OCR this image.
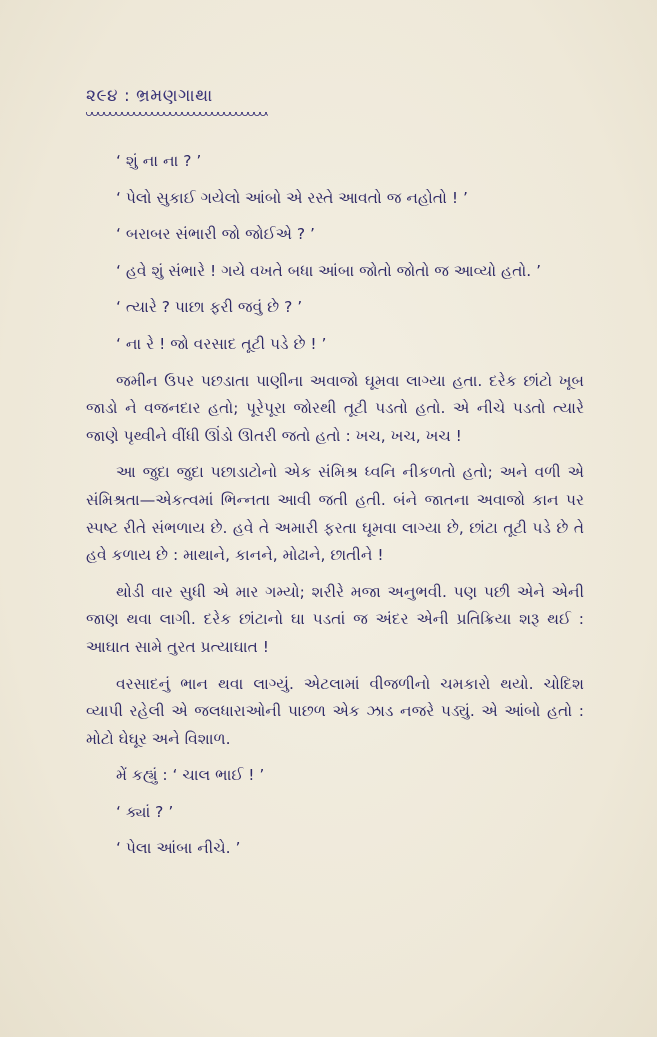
૨૯૪ : ભ્રમણગાથા

‘ શું ના ના ? ’

‘ પેલો સુકાઈ ગયેલો આંબો એ રસ્તે આવતો જ નહોતો ! ’

‘ બરાબર સંભારી જો જોઈએ ? ’

‘ હવે શું સંભારે ! ગયે વખતે બધા આંબા જોતો જોતો જ આવ્યો હતો. ’

‘ ત્યારે ? પાછા ફરી જવું છે ? ’

‘ ના રે ! જો વરસાદ તૂટી પડે છે ! ’

જમીન ઉપર પછડાતા પાણીના અવાજો ઘૂમવા લાગ્યા હતા. દરેક છાંટો ખૂબ જાડો ને વજનદાર હતો; પૂરેપૂરા જોરથી તૂટી પડતો હતો. એ નીચે પડતો ત્યારે જાણે પૃથ્વીને વીંધી ઊંડો ઊતરી જતો હતો : ખચ, ખચ, ખચ !

આ જુદા જુદા પછાડાટોનો એક સંમિશ્ર ધ્વનિ નીકળતો હતો; અને વળી એ સંમિશ્રતા—એકત્વમાં ભિન્નતા આવી જતી હતી. બંને જાતના અવાજો કાન પર સ્પષ્ટ રીતે સંભળાય છે. હવે તે અમારી ફરતા ઘૂમવા લાગ્યા છે, છાંટા તૂટી પડે છે તે હવે કળાય છે : માથાને, કાનને, મોઢાને, છાતીને !

થોડી વાર સુધી એ માર ગમ્યો; શરીરે મજા અનુભવી. પણ પછી એને એની જાણ થવા લાગી. દરેક છાંટાનો ઘા પડતાં જ અંદર એની પ્રતિક્રિયા શરૂ થઈ : આઘાત સામે તુરત પ્રત્યાઘાત !

વરસાદનું ભાન થવા લાગ્યું. એટલામાં વીજળીનો ચમકારો થયો. ચોદિશ વ્યાપી રહેલી એ જલધારાઓની પાછળ એક ઝાડ નજરે પડ્યું. એ આંબો હતો : મોટો ઘેઘૂર અને વિશાળ.

મેં કહ્યું : ‘ ચાલ ભાઈ ! ’

‘ ક્યાં ? ’

‘ પેલા આંબા નીચે. ’
